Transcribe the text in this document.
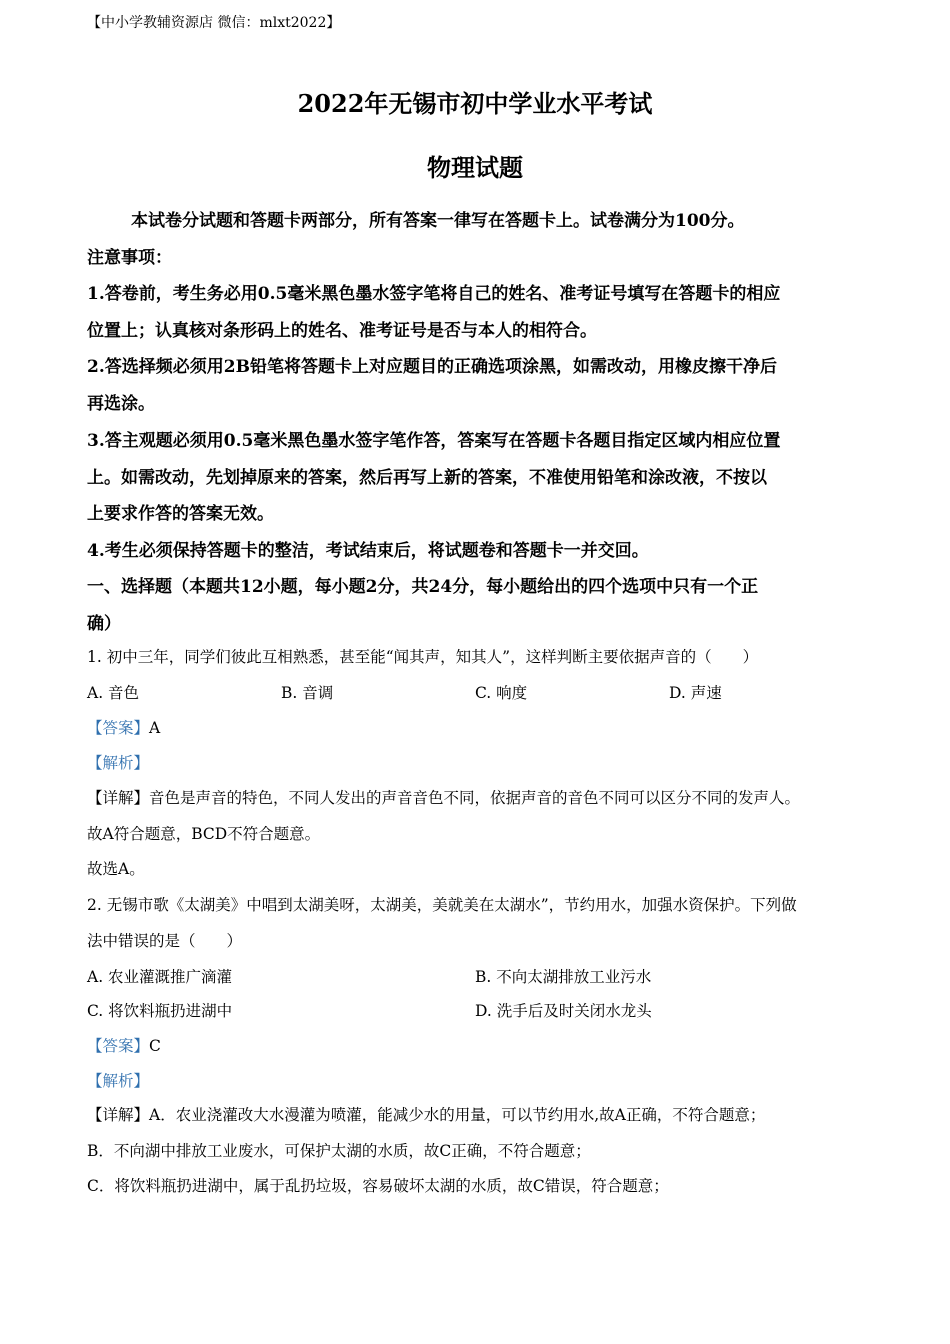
【中小学教辅资源店 微信：mlxt2022】
2022年无锡市初中学业水平考试
物理试题
本试卷分试题和答题卡两部分，所有答案一律写在答题卡上。试卷满分为100分。
注意事项：
1.答卷前，考生务必用0.5毫米黑色墨水签字笔将自己的姓名、准考证号填写在答题卡的相应
位置上；认真核对条形码上的姓名、准考证号是否与本人的相符合。
2.答选择频必须用2B铅笔将答题卡上对应题目的正确选项涂黑，如需改动，用橡皮擦干净后
再选涂。
3.答主观题必须用0.5毫米黑色墨水签字笔作答，答案写在答题卡各题目指定区域内相应位置
上。如需改动，先划掉原来的答案，然后再写上新的答案，不准使用铅笔和涂改液，不按以
上要求作答的答案无效。
4.考生必须保持答题卡的整洁，考试结束后，将试题卷和答题卡一并交回。
一、选择题（本题共12小题，每小题2分，共24分，每小题给出的四个选项中只有一个正
确）
1. 初中三年，同学们彼此互相熟悉，甚至能“闻其声，知其人”，这样判断主要依据声音的（　　）
A. 音色	B. 音调	C. 响度	D. 声速
【答案】A
【解析】
【详解】音色是声音的特色，不同人发出的声音音色不同，依据声音的音色不同可以区分不同的发声人。
故A符合题意，BCD不符合题意。
故选A。
2. 无锡市歌《太湖美》中唱到太湖美呀，太湖美，美就美在太湖水”，节约用水，加强水资保护。下列做
法中错误的是（　　）
A. 农业灌溉推广滴灌	B. 不向太湖排放工业污水
C. 将饮料瓶扔进湖中	D. 洗手后及时关闭水龙头
【答案】C
【解析】
【详解】A．农业浇灌改大水漫灌为喷灌，能减少水的用量，可以节约用水,故A正确，不符合题意；
B．不向湖中排放工业废水，可保护太湖的水质，故C正确，不符合题意；
C．将饮料瓶扔进湖中，属于乱扔垃圾，容易破坏太湖的水质，故C错误，符合题意；
